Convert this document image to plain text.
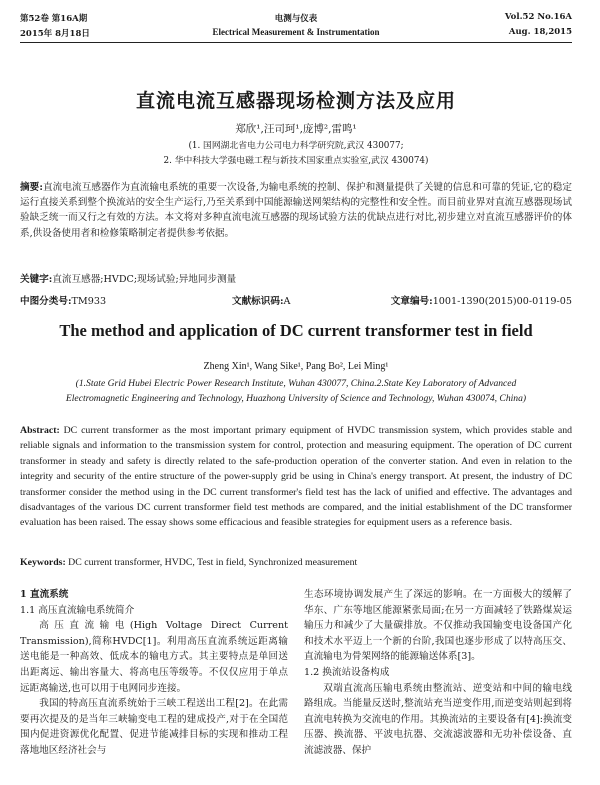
第52卷 第16A期	电测与仪表	Vol.52 No.16A
2015年 8月18日	Electrical Measurement & Instrumentation	Aug. 18,2015
直流电流互感器现场检测方法及应用
郑欣¹,汪司珂¹,庞博²,雷鸣¹
(1. 国网湖北省电力公司电力科学研究院,武汉 430077;
2. 华中科技大学强电磁工程与新技术国家重点实验室,武汉 430074)
摘要:直流电流互感器作为直流输电系统的重要一次设备,为输电系统的控制、保护和测量提供了关键的信息和可靠的凭证,它的稳定运行直接关系到整个换流站的安全生产运行,乃至关系到中国能源输送网架结构的完整性和安全性。而目前业界对直流互感器现场试验缺乏统一而又行之有效的方法。本文将对多种直流电流互感器的现场试验方法的优缺点进行对比,初步建立对直流互感器评价的体系,供设备使用者和检修策略制定者提供参考依据。
关键字:直流互感器;HVDC;现场试验;异地同步测量
中图分类号:TM933	文献标识码:A	文章编号:1001-1390(2015)00-0119-05
The method and application of DC current transformer test in field
Zheng Xin¹, Wang Sike¹, Pang Bo², Lei Ming¹
(1.State Grid Hubei Electric Power Research Institute, Wuhan 430077, China.2.State Key Laboratory of Advanced
Electromagnetic Engineering and Technology, Huazhong University of Science and Technology, Wuhan 430074, China)
Abstract: DC current transformer as the most important primary equipment of HVDC transmission system, which provides stable and reliable signals and information to the transmission system for control, protection and measuring equipment. The operation of DC current transformer in steady and safety is directly related to the safe-production operation of the converter station. And even in relation to the integrity and security of the entire structure of the power-supply grid be using in China's energy transport. At present, the industry of DC transformer consider the method using in the DC current transformer's field test has the lack of unified and effective. The advantages and disadvantages of the various DC current transformer field test methods are compared, and the initial establishment of the DC transformer evaluation has been raised. The essay shows some efficacious and feasible strategies for equipment users as a reference basis.
Keywords: DC current transformer, HVDC, Test in field, Synchronized measurement

1 直流系统

1.1 高压直流输电系统简介

高压直流输电(High Voltage Direct Current Transmission),简称HVDC[1]。利用高压直流系统远距离输送电能是一种高效、低成本的输电方式。其主要特点是单回送出距离远、输出容量大、将高电压等级等。不仅仅应用于单点远距离输送,也可以用于电网同步连接。

我国的特高压直流系统始于三峡工程送出工程[2]。在此需要再次提及的是当年三峡输变电工程的建成投产,对于在全国范围内促进资源优化配置、促进节能减排目标的实现和推动工程落地地区经济社会与

生态环境协调发展产生了深远的影响。在一方面极大的缓解了华东、广东等地区能源紧张局面;在另一方面减轻了铁路煤炭运输压力和减少了大量碳排放。不仅推动我国输变电设备国产化和技术水平迈上一个新的台阶,我国也逐步形成了以特高压交、直流输电为骨架网络的能源输送体系[3]。

1.2 换流站设备构成

双端直流高压输电系统由整流站、逆变站和中间的输电线路组成。当能量反送时,整流站充当逆变作用,而逆变站则起到将直流电转换为交流电的作用。其换流站的主要设备有[4]:换流变压器、换流器、平波电抗器、交流滤波器和无功补偿设备、直流滤波器、保护
